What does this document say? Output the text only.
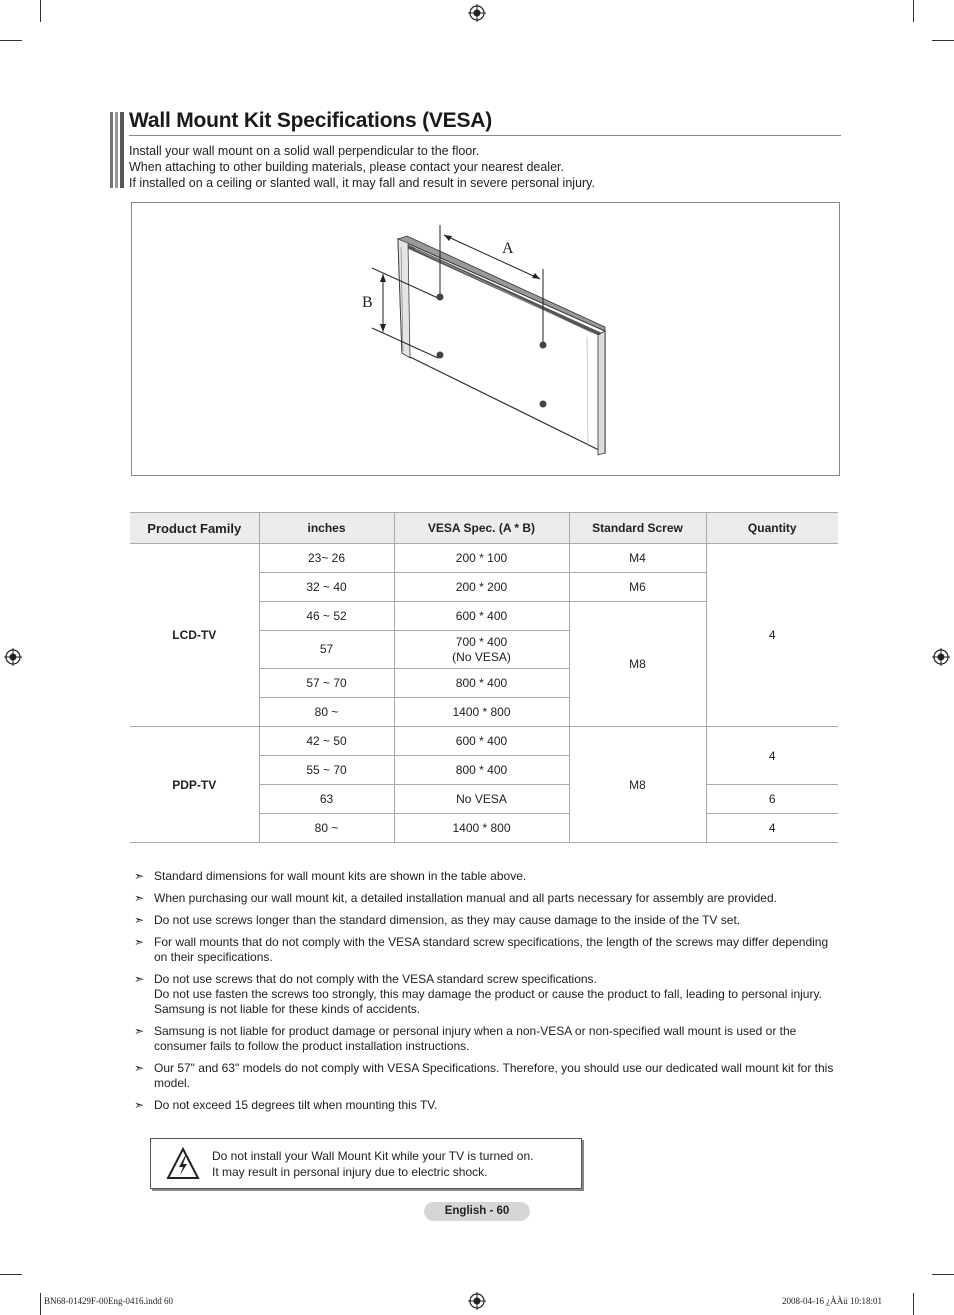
Wall Mount Kit Specifications (VESA)
Install your wall mount on a solid wall perpendicular to the floor.
When attaching to other building materials, please contact your nearest dealer.
If installed on a ceiling or slanted wall, it may fall and result in severe personal injury.
A
B
Product Family	inches	VESA Spec. (A * B)	Standard Screw	Quantity
LCD-TV	23~ 26	200 * 100	M4	4
	32 ~ 40	200 * 200	M6	
	46 ~ 52	600 * 400	M8	
	57	700 * 400
(No VESA)		

	57 ~ 70	800 * 400		
	80 ~	1400 * 800		
PDP-TV	42 ~ 50	600 * 400	M8	4
	55 ~ 70	800 * 400		
	63	No VESA		6
	80 ~	1400 * 800		4
➣ Standard dimensions for wall mount kits are shown in the table above.
➣ When purchasing our wall mount kit, a detailed installation manual and all parts necessary for assembly are provided.
➣ Do not use screws longer than the standard dimension, as they may cause damage to the inside of the TV set.
➣ For wall mounts that do not comply with the VESA standard screw specifications, the length of the screws may differ depending on their specifications.
➣ Do not use screws that do not comply with the VESA standard screw specifications.
Do not use fasten the screws too strongly, this may damage the product or cause the product to fall, leading to personal injury.
Samsung is not liable for these kinds of accidents.
➣ Samsung is not liable for product damage or personal injury when a non-VESA or non-specified wall mount is used or the consumer fails to follow the product installation instructions.
➣ Our 57" and 63" models do not comply with VESA Specifications. Therefore, you should use our dedicated wall mount kit for this model.
➣ Do not exceed 15 degrees tilt when mounting this TV.
Do not install your Wall Mount Kit while your TV is turned on.
It may result in personal injury due to electric shock.
English - 60
BN68-01429F-00Eng-0416.indd 60	2008-04-16 ¿ÀÀü 10:18:01
